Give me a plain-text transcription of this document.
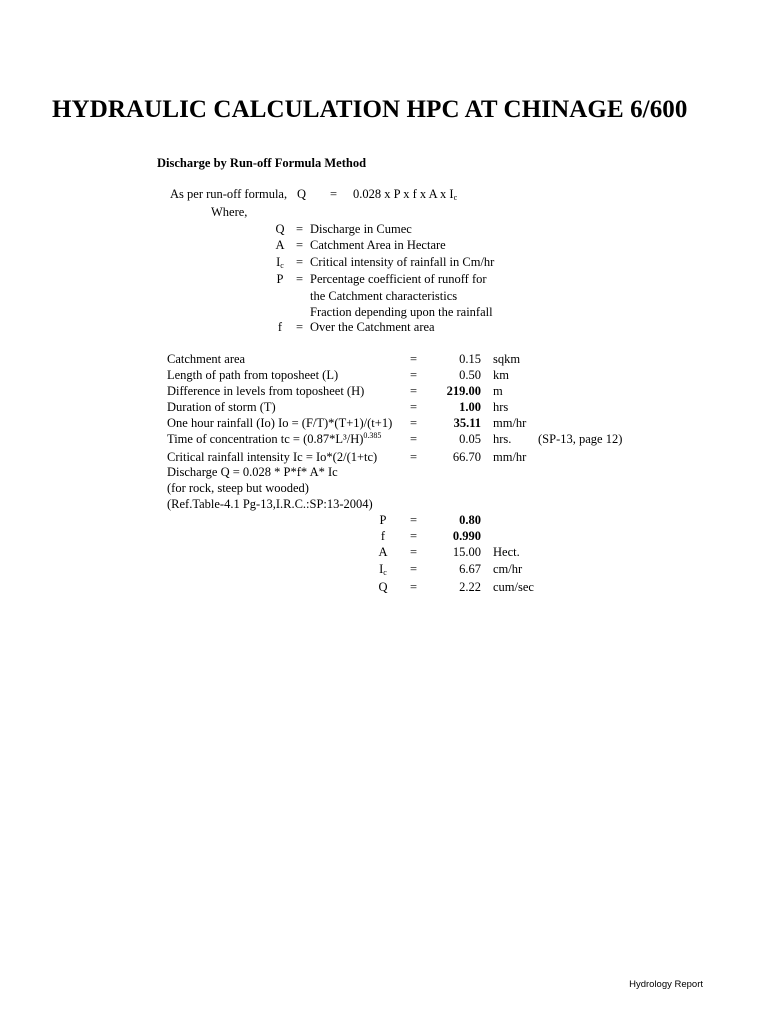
HYDRAULIC CALCULATION HPC AT CHINAGE 6/600
Discharge by Run-off Formula Method
As per run-off formula, Q = 0.028 x P x f x A x $I_c$
Where,
Q = Discharge in Cumec
A = Catchment Area in Hectare
$I_c$ = Critical intensity of rainfall in Cm/hr
P	= Percentage coefficient of runoff for
the Catchment characteristics
Fraction depending upon the rainfall
f	= Over the Catchment area
Catchment area	=	0.15 sqkm
Length of path from toposheet (L)	=	0.50 km
Difference in levels from toposheet (H)	=	219.00 m
Duration of storm (T)	=	1.00 hrs
One hour rainfall (Io) Io = (F/T)*(T+1)/(t+1) =	35.11 mm/hr
Time of concentration tc = $(0.87*L^3/H)^{0.385}$ =	0.05 hrs. (SP-13, page 12)
Critical rainfall intensity Ic = Io*(2/(1+tc)	=	66.70 mm/hr
Discharge Q = 0.028 * P*f* A* Ic
(for rock, steep but wooded)
(Ref.Table-4.1 Pg-13,I.R.C.:SP:13-2004)
P	=	0.80
f	=	0.990
A	=	15.00 Hect.
$I_c$	=	6.67 cm/hr
Q	=	2.22 cum/sec
Hydrology Report
